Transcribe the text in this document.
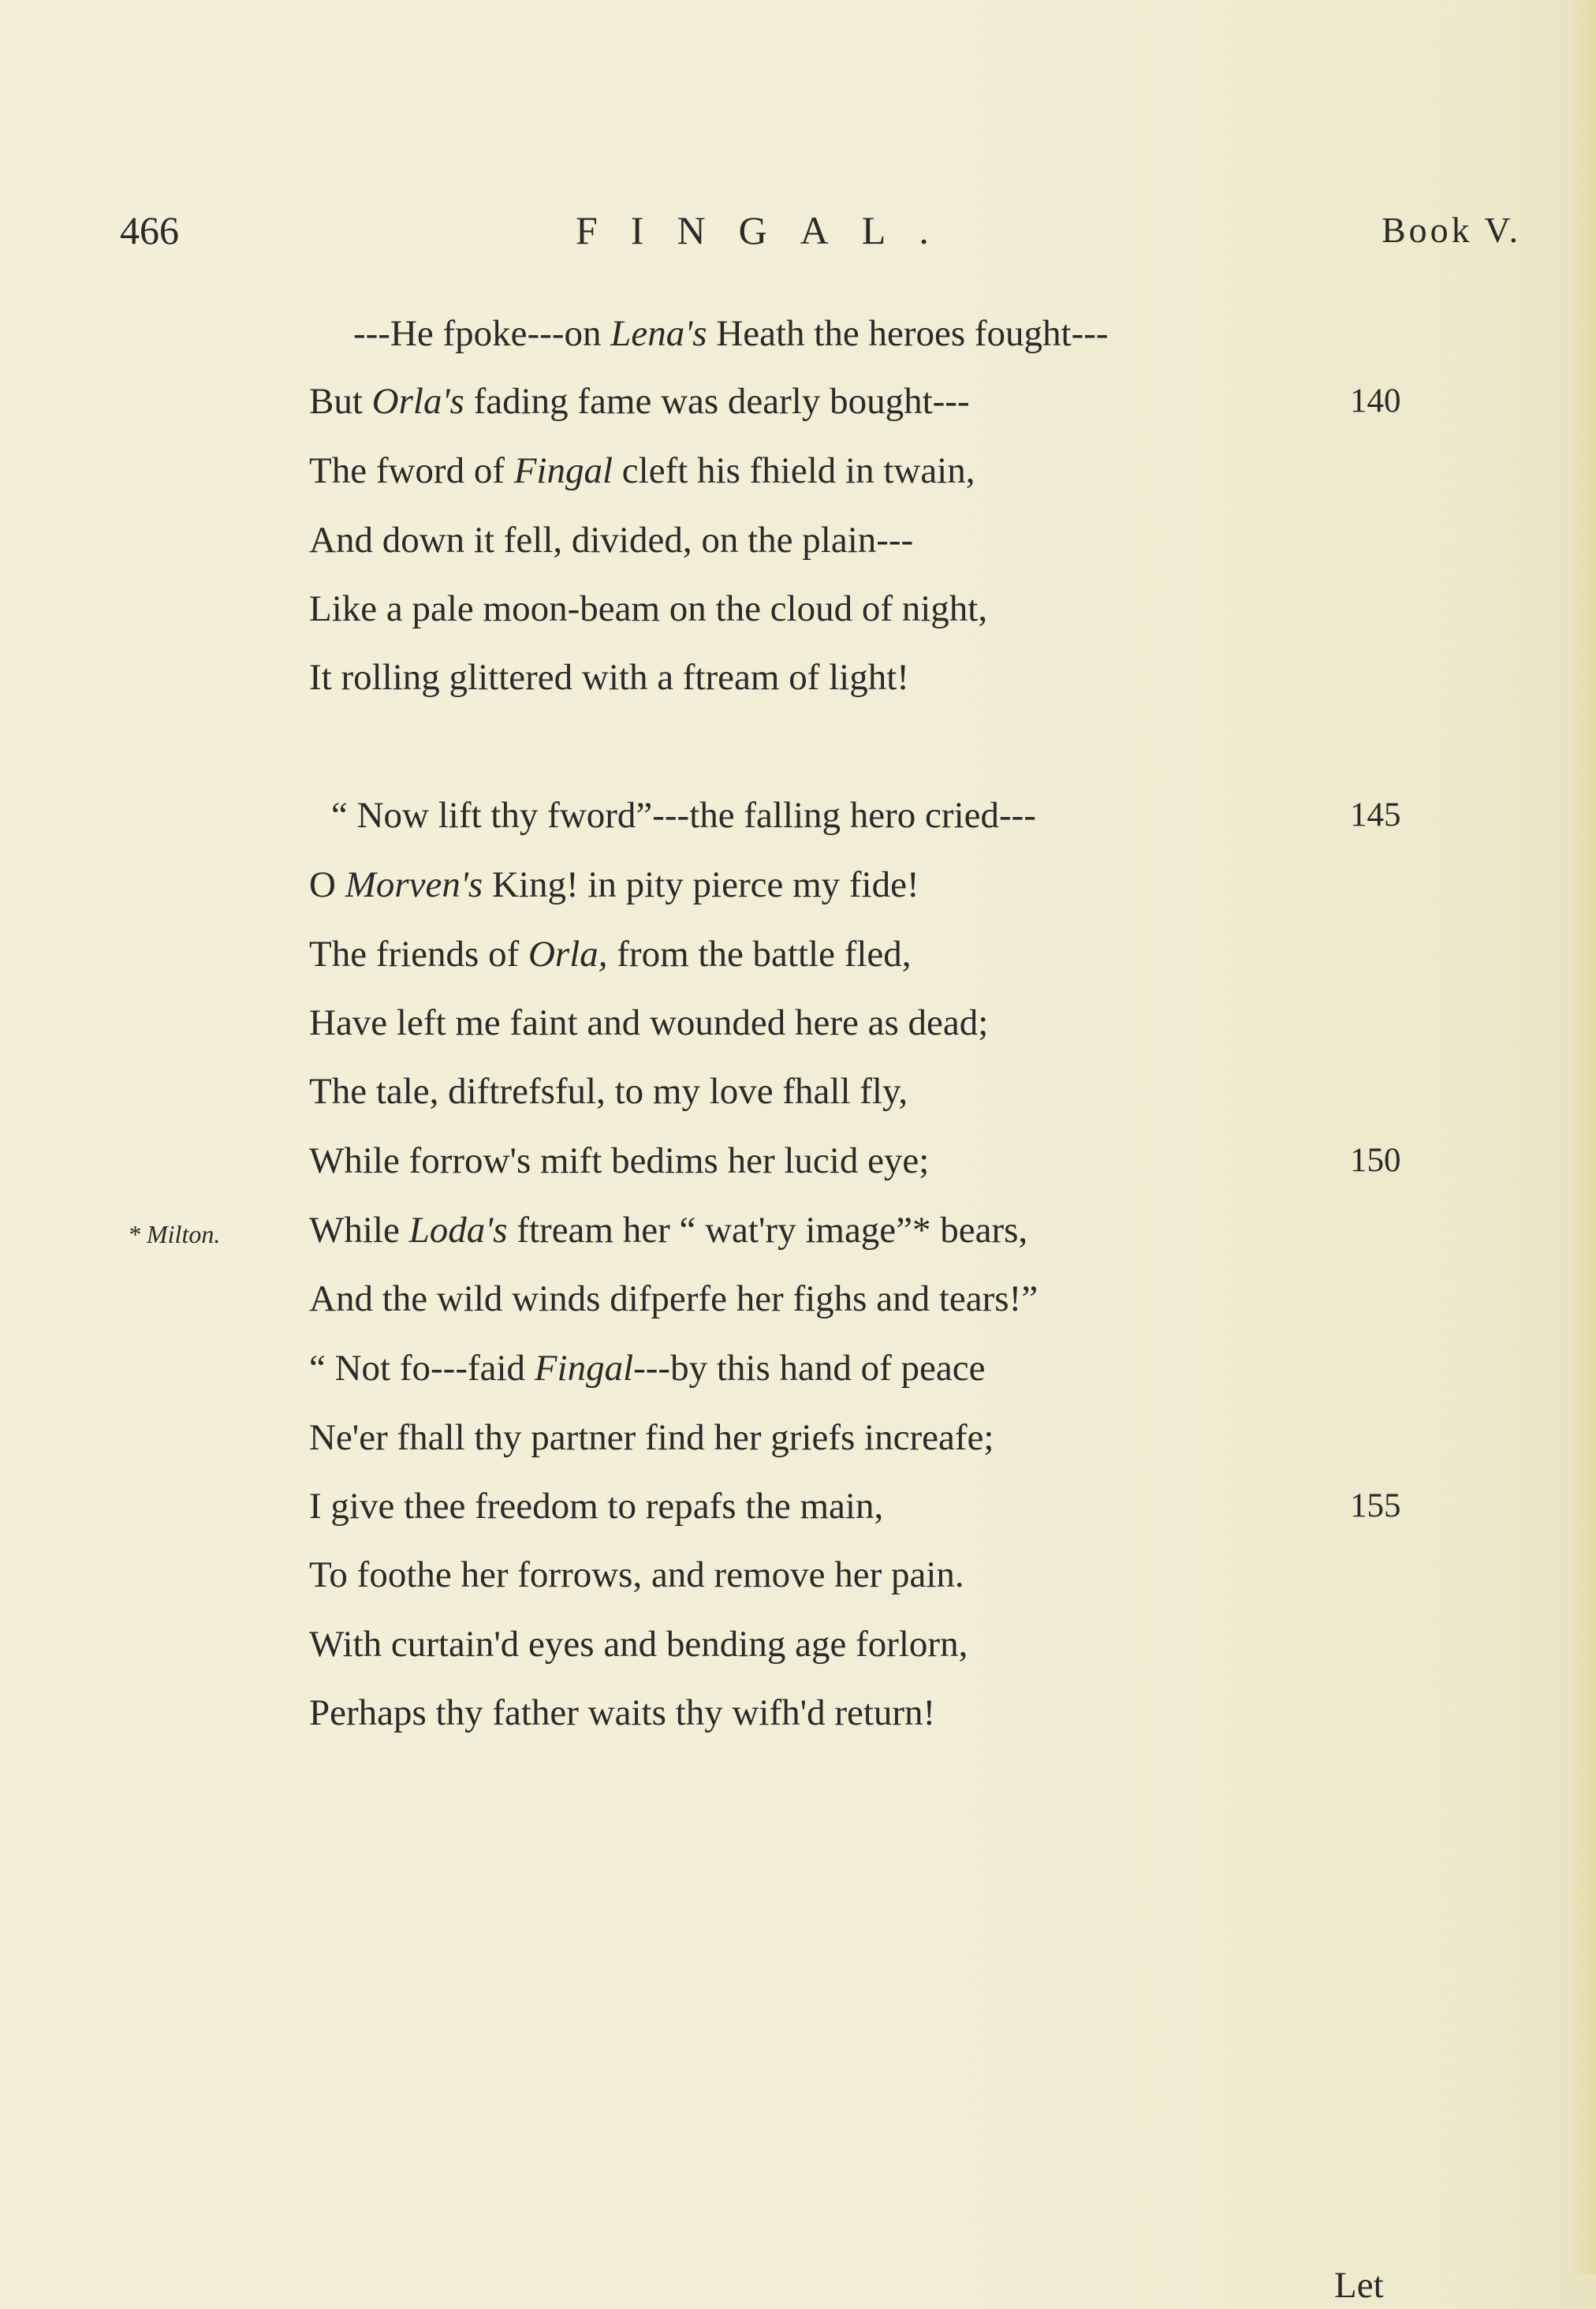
466	FINGAL.	Book V.
---He fpoke---on Lena's Heath the heroes fought---
But Orla's fading fame was dearly bought---
The fword of Fingal cleft his fhield in twain,
And down it fell, divided, on the plain---
Like a pale moon-beam on the cloud of night,
It rolling glittered with a ftream of light!
“ Now lift thy fword”---the falling hero cried---
O Morven's King! in pity pierce my fide!
The friends of Orla, from the battle fled,
Have left me faint and wounded here as dead;
The tale, diftrefsful, to my love fhall fly,
While forrow's mift bedims her lucid eye;
While Loda's ftream her “ wat'ry image”* bears,
And the wild winds difperfe her fighs and tears!”
“ Not fo---faid Fingal---by this hand of peace
Ne'er fhall thy partner find her griefs increafe;
I give thee freedom to repafs the main,
To foothe her forrows, and remove her pain.
With curtain'd eyes and bending age forlorn,
Perhaps thy father waits thy wifh'd return!
140
145
150
155
* Milton.
Let
